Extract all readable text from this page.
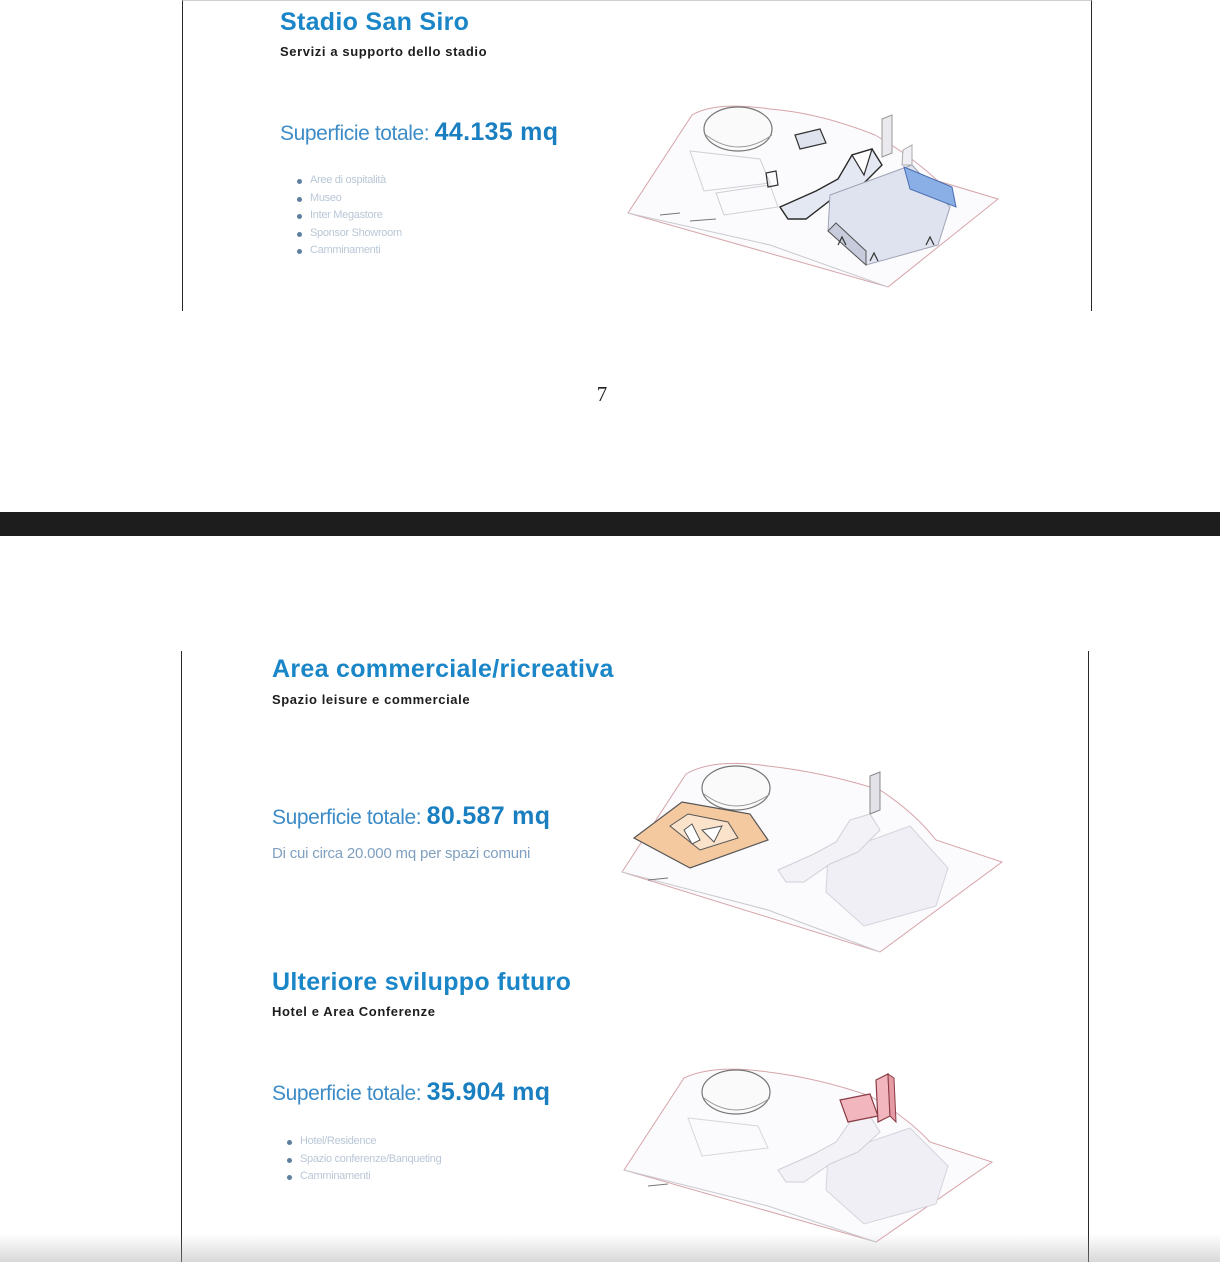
Stadio San Siro
Servizi a supporto dello stadio
Superficie totale: 44.135 mq
Aree di ospitalità
Museo
Inter Megastore
Sponsor Showroom
Camminamenti
7
Area commerciale/ricreativa
Spazio leisure e commerciale
Superficie totale: 80.587 mq
Di cui circa 20.000 mq per spazi comuni
Ulteriore sviluppo futuro
Hotel e Area Conferenze
Superficie totale: 35.904 mq
Hotel/Residence
Spazio conferenze/Banqueting
Camminamenti
